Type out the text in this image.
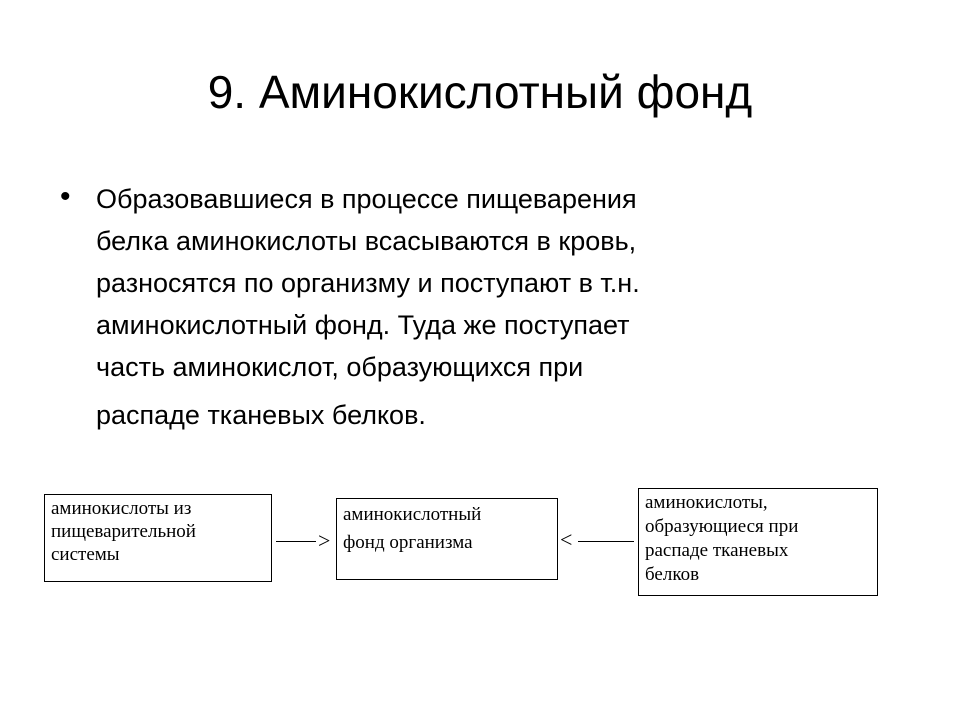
9. Аминокислотный фонд
• Образовавшиеся в процессе пищеварения
белка аминокислоты всасываются в кровь,
разносятся по организму и поступают в т.н.
аминокислотный фонд. Туда же поступает
часть аминокислот, образующихся при
распаде тканевых белков.
аминокислоты из
пищеварительной
системы
>
аминокислотный
фонд организма	<
аминокислоты,
образующиеся при
распаде тканевых
белков
